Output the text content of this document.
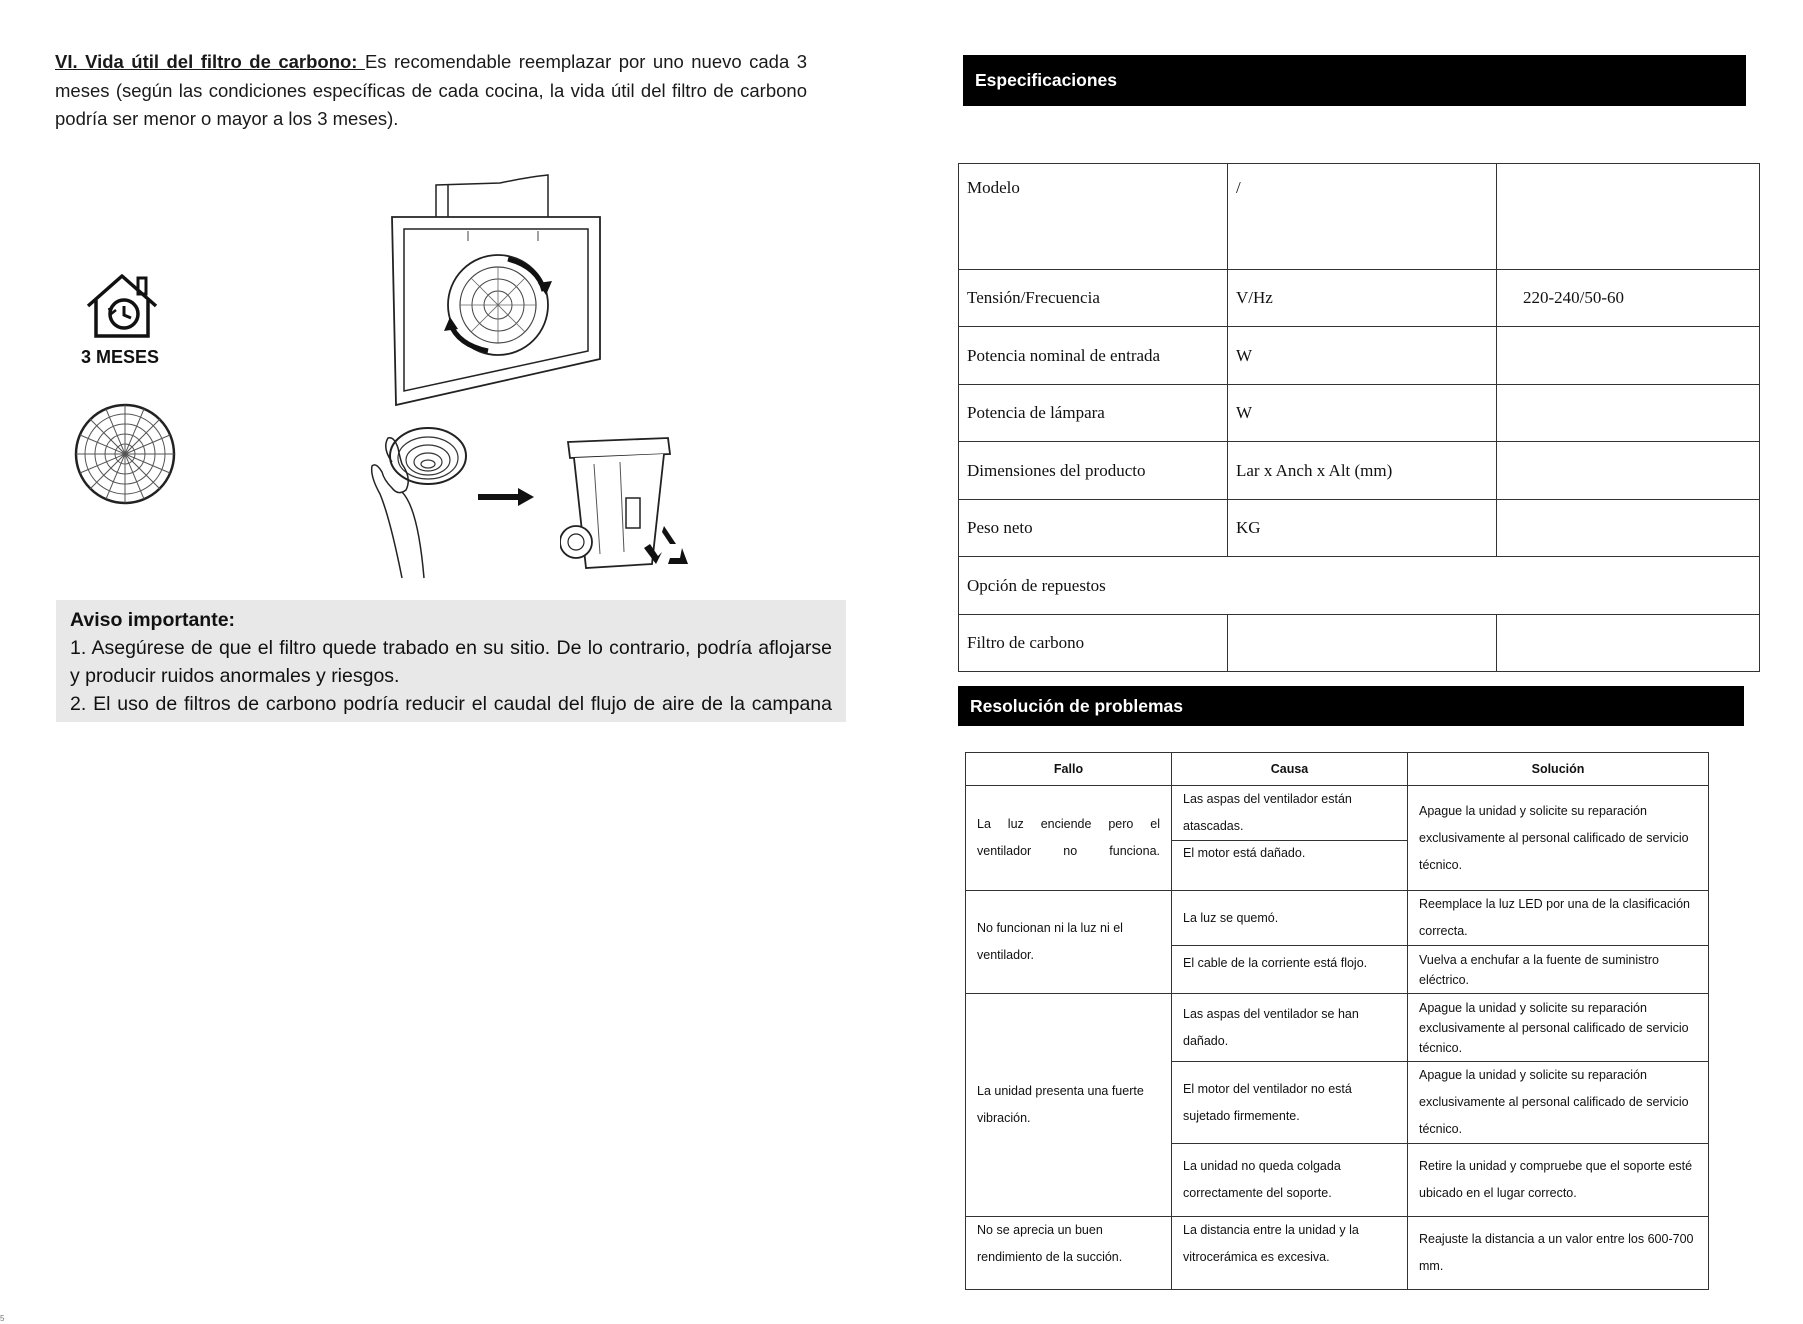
VI. Vida útil del filtro de carbono: Es recomendable reemplazar por uno nuevo cada 3 meses (según las condiciones específicas de cada cocina, la vida útil del filtro de carbono podría ser menor o mayor a los 3 meses).
3 MESES
Aviso importante:

1. Asegúrese de que el filtro quede trabado en su sitio. De lo contrario, podría aflojarse y producir ruidos anormales y riesgos.

2. El uso de filtros de carbono podría reducir el caudal del flujo de aire de la campana

Especificaciones
Modelo	/	
Tensión/Frecuencia	V/Hz	220-240/50-60
Potencia nominal de entrada	W	
Potencia de lámpara	W	
Dimensiones del producto	Lar x Anch x Alt (mm)	
Peso neto	KG	
Opción de repuestos		
Filtro de carbono		
Resolución de problemas
Fallo	Causa	Solución
La luz enciende pero el ventilador no funciona.	Las aspas del ventilador están atascadas.	Apague la unidad y solicite su reparación exclusivamente al personal calificado de servicio técnico.
	El motor está dañado.	
No funcionan ni la luz ni el ventilador.	La luz se quemó.	Reemplace la luz LED por una de la clasificación correcta.
	El cable de la corriente está flojo.	Vuelva a enchufar a la fuente de suministro eléctrico.
La unidad presenta una fuerte vibración.	Las aspas del ventilador se han dañado.	Apague la unidad y solicite su reparación exclusivamente al personal calificado de servicio técnico.
	El motor del ventilador no está sujetado firmemente.	Apague la unidad y solicite su reparación exclusivamente al personal calificado de servicio técnico.
	La unidad no queda colgada correctamente del soporte.	Retire la unidad y compruebe que el soporte esté ubicado en el lugar correcto.
No se aprecia un buen rendimiento de la succión.	La distancia entre la unidad y la vitrocerámica es excesiva.	Reajuste la distancia a un valor entre los 600-700 mm.
5
